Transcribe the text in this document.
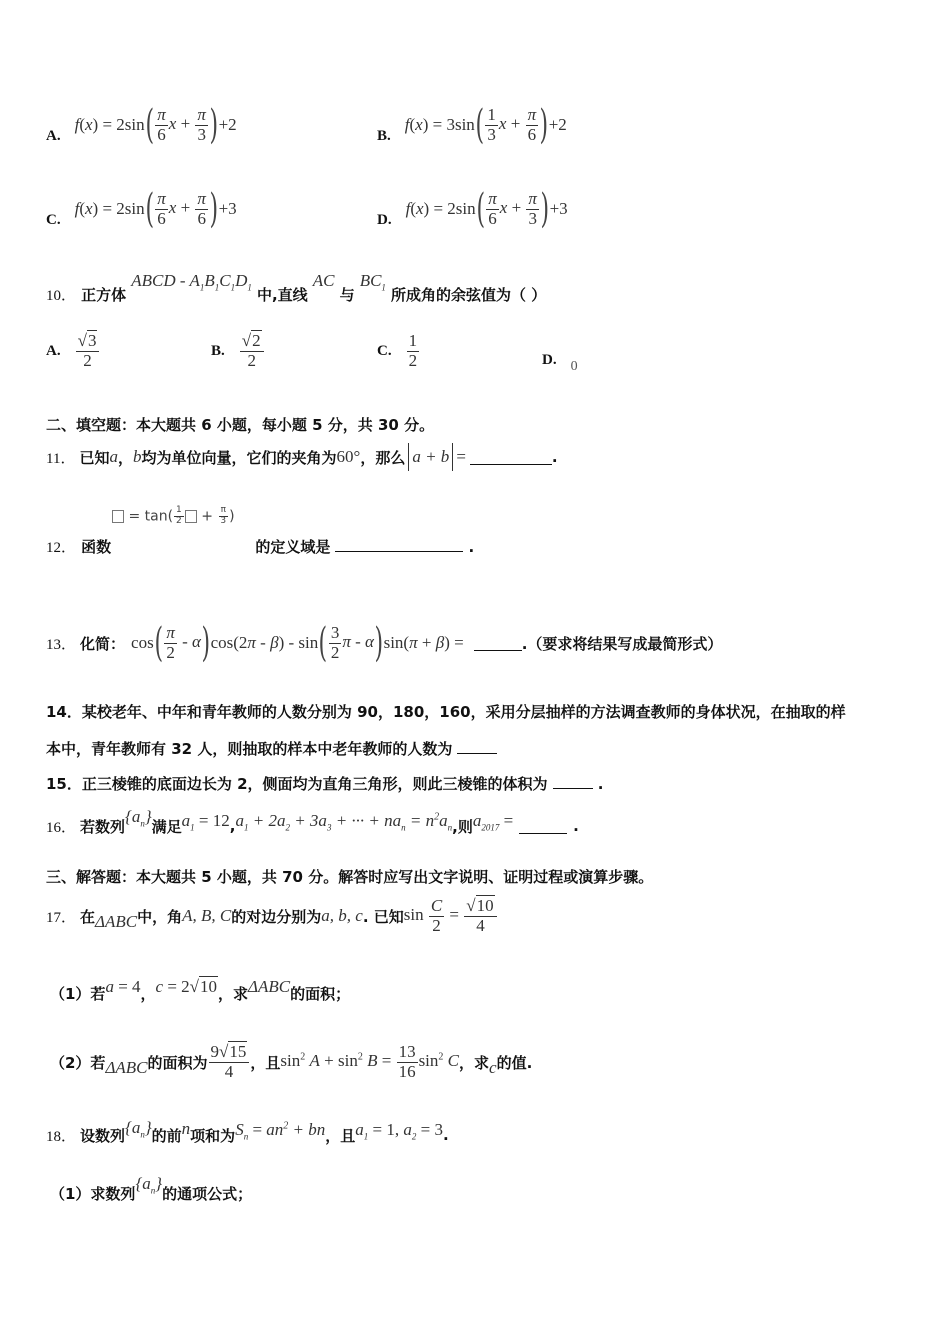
A.
f(x) = 2sin ( $\frac{\pi}{6}$ $x + \frac{\pi}{3}$ ) +2
B.
f(x) = 3sin ( $\frac{1}{3}$ $x + \frac{\pi}{6}$ ) +2
C.
f(x) = 2sin ( $\frac{\pi}{6}$ $x + \frac{\pi}{6}$ ) +3
D.
f(x) = 2sin ( $\frac{\pi}{6}$ $x + \frac{\pi}{3}$ ) +3
10． 正方体 ABCD - $A_1B_1C_1D_1$ 中,直线 AC 与 $BC_1$ 所成角的余弦值为（ ）
A. $\frac{√3}{2}$	B. $\frac{√2}{2}$	C. $\frac{1}{2}$	D. 0
二、填空题：本大题共 6 小题，每小题 5 分，共 30 分。
11． 已知 a ， b 均为单位向量，它们的夹角为 60° ，那么 a + b =	.
= $\tan( \frac{1}{2} + \frac{\pi}{3}$ )
12． 函数	的定义域是	.
13． 化简： cos ( $\frac{\pi}{2}$ - α ) cos(2π - β) - sin ( $\frac{3}{2}$ π - α ) sin(π + β) =	.（要求将结果写成最简形式）
14．某校老年、中年和青年教师的人数分别为 90，180，160，采用分层抽样的方法调查教师的身体状况，在抽取的样
本中，青年教师有 32 人，则抽取的样本中老年教师的人数为
15．正三棱锥的底面边长为 2，侧面均为直角三角形，则此三棱锥的体积为	.
16． 若数列
$\{a_n\}$
满足 $a_1 = 12$ , $a_1 + 2a_2 + 3a_3$ + ··· + $na_n = n^2a_n$ ,则 $a_{2017}$ =	.
三、解答题：本大题共 5 小题，共 70 分。解答时应写出文字说明、证明过程或演算步骤。
17． 在 ΔABC 中，角 A, B, C 的对边分别为 a, b, c . 已知 $\sin \frac{C}{2} = \frac{√10}{4}$
（1）若 a = 4 ， c = 2√10 ，求 ΔABC 的面积；
（2）若 ΔABC 的面积为 $\frac{9√15}{4}$ ，且 $\sin^2 A + \sin^2 B = \frac{13}{16} \sin^2 C$ ，求 c 的值.
18． 设数列 $\{a_n\}$ 的前 n 项和为 $S_n = an^2$ + bn ，且 $a_1 = 1$, $a_2 = 3$ .
（1）求数列
$\{a_n\}$
的通项公式；
